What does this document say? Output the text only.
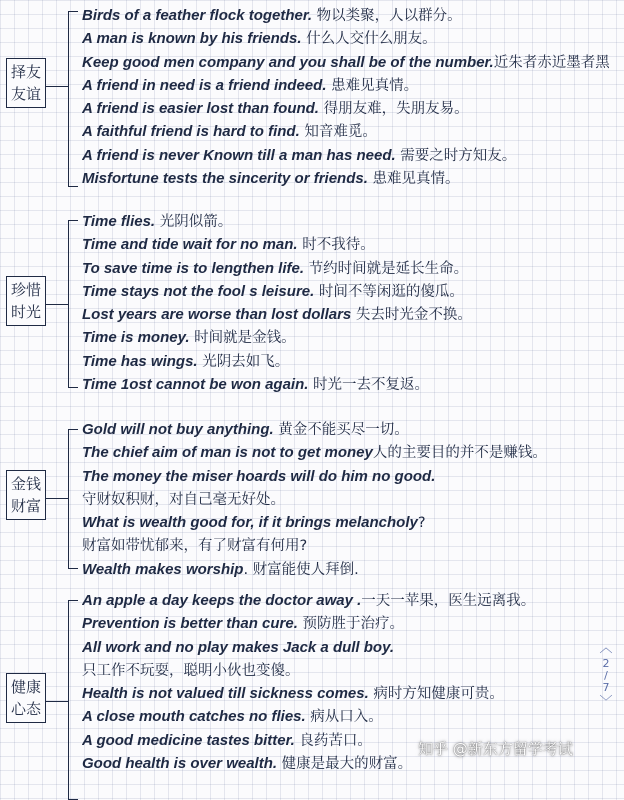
择友
友谊
Birds of a feather flock together. 物以类聚，人以群分。
A man is known by his friends. 什么人交什么朋友。
Keep good men company and you shall be of the number.近朱者赤近墨者黑
A friend in need is a friend indeed. 患难见真情。
A friend is easier lost than found. 得朋友难，失朋友易。
A faithful friend is hard to find. 知音难觅。
A friend is never Known till a man has need. 需要之时方知友。
Misfortune tests the sincerity or friends. 患难见真情。
珍惜
时光
Time flies. 光阴似箭。
Time and tide wait for no man. 时不我待。
To save time is to lengthen life. 节约时间就是延长生命。
Time stays not the fool s leisure. 时间不等闲逛的傻瓜。
Lost years are worse than lost dollars 失去时光金不换。
Time is money. 时间就是金钱。
Time has wings. 光阴去如飞。
Time 1ost cannot be won again. 时光一去不复返。
金钱
财富
Gold will not buy anything. 黄金不能买尽一切。
The chief aim of man is not to get money人的主要目的并不是赚钱。
The money the miser hoards will do him no good.
守财奴积财，对自己毫无好处。
What is wealth good for, if it brings melancholy?
财富如带忧郁来，有了财富有何用?
Wealth makes worship. 财富能使人拜倒.
健康
心态
An apple a day keeps the doctor away .一天一苹果，医生远离我。
Prevention is better than cure. 预防胜于治疗。
All work and no play makes Jack a dull boy.
只工作不玩耍，聪明小伙也变傻。
Health is not valued till sickness comes. 病时方知健康可贵。
A close mouth catches no flies. 病从口入。
A good medicine tastes bitter. 良药苦口。
Good health is over wealth. 健康是最大的财富。
︿
2
/
7
﹀
知乎 @新东方留学考试
